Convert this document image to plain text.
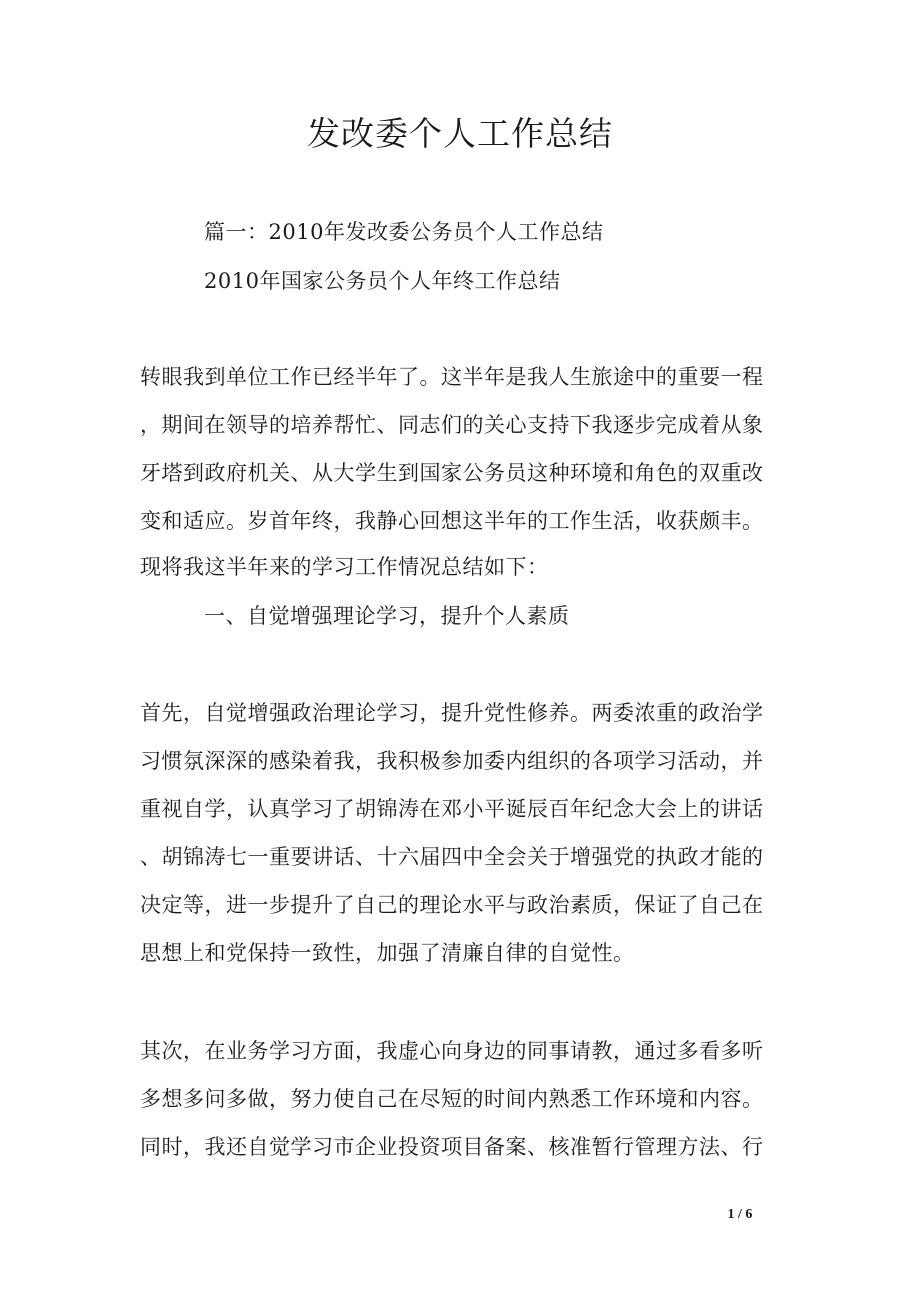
发改委个人工作总结
篇一：2010年发改委公务员个人工作总结
2010年国家公务员个人年终工作总结
转眼我到单位工作已经半年了。这半年是我人生旅途中的重要一程
，期间在领导的培养帮忙、同志们的关心支持下我逐步完成着从象
牙塔到政府机关、从大学生到国家公务员这种环境和角色的双重改
变和适应。岁首年终，我静心回想这半年的工作生活，收获颇丰。
现将我这半年来的学习工作情况总结如下：
一、自觉增强理论学习，提升个人素质
首先，自觉增强政治理论学习，提升党性修养。两委浓重的政治学
习惯氛深深的感染着我，我积极参加委内组织的各项学习活动，并
重视自学，认真学习了胡锦涛在邓小平诞辰百年纪念大会上的讲话
、胡锦涛七一重要讲话、十六届四中全会关于增强党的执政才能的
决定等，进一步提升了自己的理论水平与政治素质，保证了自己在
思想上和党保持一致性，加强了清廉自律的自觉性。
其次，在业务学习方面，我虚心向身边的同事请教，通过多看多听
多想多问多做，努力使自己在尽短的时间内熟悉工作环境和内容。
同时，我还自觉学习市企业投资项目备案、核准暂行管理方法、行
1 / 6
